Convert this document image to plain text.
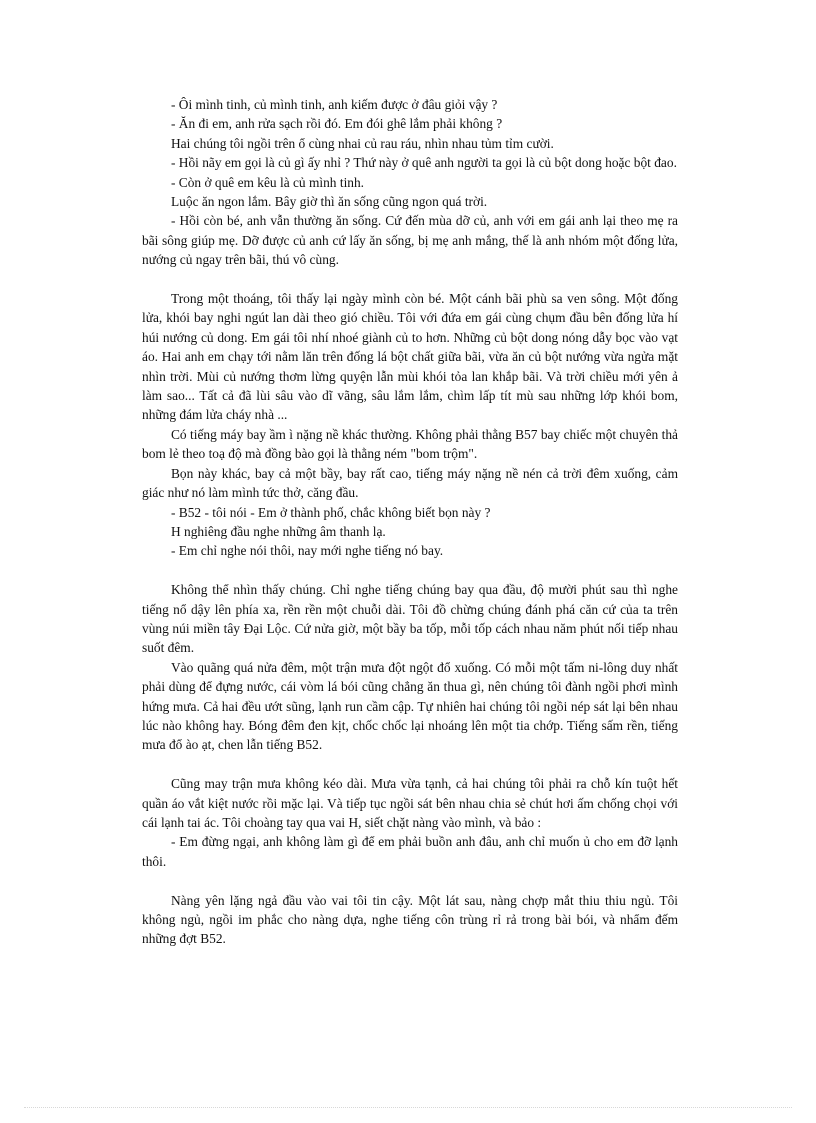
- Ôi mình tinh, củ mình tinh, anh kiếm được ở đâu giỏi vậy ?

- Ăn đi em, anh rửa sạch rồi đó. Em đói ghê lắm phải không ?

Hai chúng tôi ngồi trên ổ cùng nhai củ rau ráu, nhìn nhau tủm tỉm cười.

- Hồi nãy em gọi là củ gì ấy nhỉ ? Thứ này ở quê anh người ta gọi là củ bột dong hoặc bột đao.

- Còn ở quê em kêu là củ mình tinh.

Luộc ăn ngon lắm. Bây giờ thì ăn sống cũng ngon quá trời.

- Hồi còn bé, anh vẫn thường ăn sống. Cứ đến mùa dỡ củ, anh với em gái anh lại theo mẹ ra bãi sông giúp mẹ. Dỡ được củ anh cứ lấy ăn sống, bị mẹ anh mắng, thế là anh nhóm một đống lửa, nướng củ ngay trên bãi, thú vô cùng.

Trong một thoáng, tôi thấy lại ngày mình còn bé. Một cánh bãi phù sa ven sông. Một đống lửa, khói bay nghi ngút lan dài theo gió chiều. Tôi với đứa em gái cùng chụm đầu bên đống lửa hí húi nướng củ dong. Em gái tôi nhí nhoé giành củ to hơn. Những củ bột dong nóng dẫy bọc vào vạt áo. Hai anh em chạy tới nằm lăn trên đống lá bột chất giữa bãi, vừa ăn củ bột nướng vừa ngửa mặt nhìn trời. Mùi củ nướng thơm lừng quyện lẫn mùi khói tỏa lan khắp bãi. Và trời chiều mới yên ả làm sao... Tất cả đã lùi sâu vào dĩ vãng, sâu lắm lắm, chìm lấp tít mù sau những lớp khói bom, những đám lửa cháy nhà ...

Có tiếng máy bay ầm ì nặng nề khác thường. Không phải thằng B57 bay chiếc một chuyên thả bom lẻ theo toạ độ mà đồng bào gọi là thằng ném "bom trộm".

Bọn này khác, bay cả một bầy, bay rất cao, tiếng máy nặng nề nén cả trời đêm xuống, cảm giác như nó làm mình tức thở, căng đầu.

- B52 - tôi nói - Em ở thành phố, chắc không biết bọn này ?

H nghiêng đầu nghe những âm thanh lạ.

- Em chỉ nghe nói thôi, nay mới nghe tiếng nó bay.

Không thể nhìn thấy chúng. Chỉ nghe tiếng chúng bay qua đầu, độ mười phút sau thì nghe tiếng nổ dậy lên phía xa, rền rền một chuỗi dài. Tôi đồ chừng chúng đánh phá căn cứ của ta trên vùng núi miền tây Đại Lộc. Cứ nửa giờ, một bầy ba tốp, mỗi tốp cách nhau năm phút nối tiếp nhau suốt đêm.

Vào quãng quá nửa đêm, một trận mưa đột ngột đổ xuống. Có mỗi một tấm ni-lông duy nhất phải dùng để đựng nước, cái vòm lá bói cũng chẳng ăn thua gì, nên chúng tôi đành ngồi phơi mình hứng mưa. Cả hai đều ướt sũng, lạnh run cầm cập. Tự nhiên hai chúng tôi ngồi nép sát lại bên nhau lúc nào không hay. Bóng đêm đen kịt, chốc chốc lại nhoáng lên một tia chớp. Tiếng sấm rền, tiếng mưa đổ ào ạt, chen lẫn tiếng B52.

Cũng may trận mưa không kéo dài. Mưa vừa tạnh, cả hai chúng tôi phải ra chỗ kín tuột hết quần áo vắt kiệt nước rồi mặc lại. Và tiếp tục ngồi sát bên nhau chia sẻ chút hơi ấm chống chọi với cái lạnh tai ác. Tôi choàng tay qua vai H, siết chặt nàng vào mình, và bảo :

- Em đừng ngại, anh không làm gì để em phải buồn anh đâu, anh chỉ muốn ủ cho em đỡ lạnh thôi.

Nàng yên lặng ngả đầu vào vai tôi tin cậy. Một lát sau, nàng chợp mắt thiu thiu ngủ. Tôi không ngủ, ngồi im phắc cho nàng dựa, nghe tiếng côn trùng rỉ rả trong bài bói, và nhẩm đếm những đợt B52.
